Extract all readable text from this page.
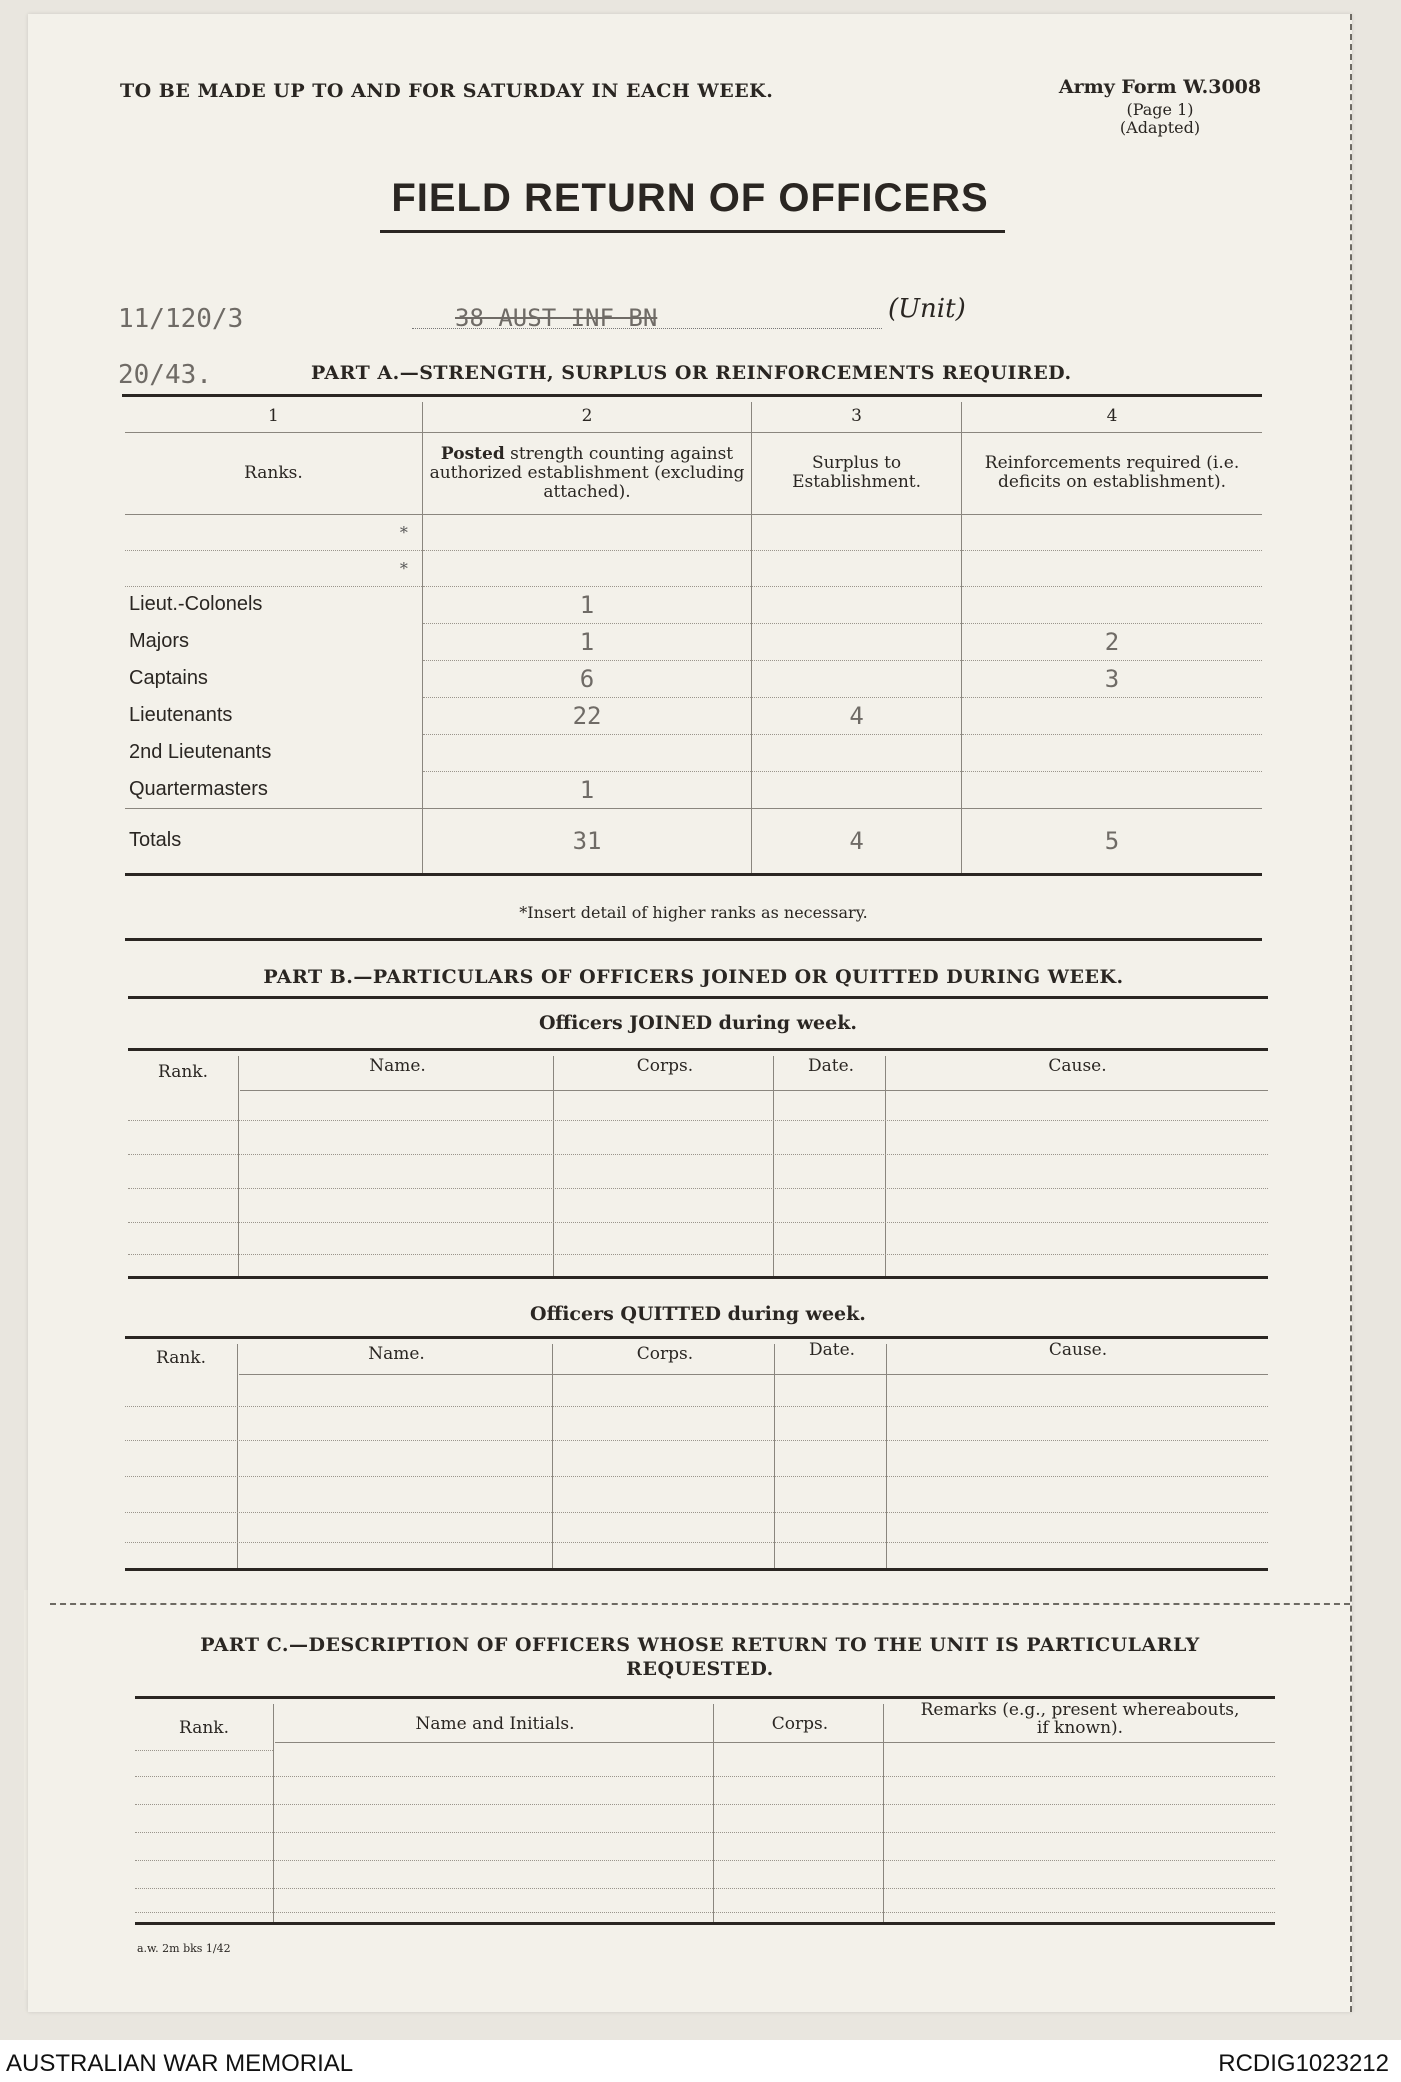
TO BE MADE UP TO AND FOR SATURDAY IN EACH WEEK.	Army Form W.3008
(Page 1)
(Adapted)
FIELD RETURN OF OFFICERS
11/120/3	38 AUST INF BN	(Unit)
20/43.	PART A.—STRENGTH, SURPLUS OR REINFORCEMENTS REQUIRED.
1	2	3	4
Ranks.	Posted strength counting against authorized establishment (excluding attached).	Surplus to Establishment.	Reinforcements required (i.e. deficits on establishment).
*			
*			
Lieut.-Colonels	1		
Majors	1		2
Captains	6		3
Lieutenants	22	4	
2nd Lieutenants			
Quartermasters	1		
Totals	31	4	5
*Insert detail of higher ranks as necessary.
PART B.—PARTICULARS OF OFFICERS JOINED OR QUITTED DURING WEEK.
Officers JOINED during week.
Rank.	Name.	Corps.	Date.	Cause.
Officers QUITTED during week.
Rank.	Name.	Corps.	Date.	Cause.
PART C.—DESCRIPTION OF OFFICERS WHOSE RETURN TO THE UNIT IS PARTICULARLY
REQUESTED.
Rank.	Name and Initials.	Corps.
Remarks (e.g., present whereabouts,
if known).
a.w. 2m bks 1/42
AUSTRALIAN WAR MEMORIAL	RCDIG1023212
